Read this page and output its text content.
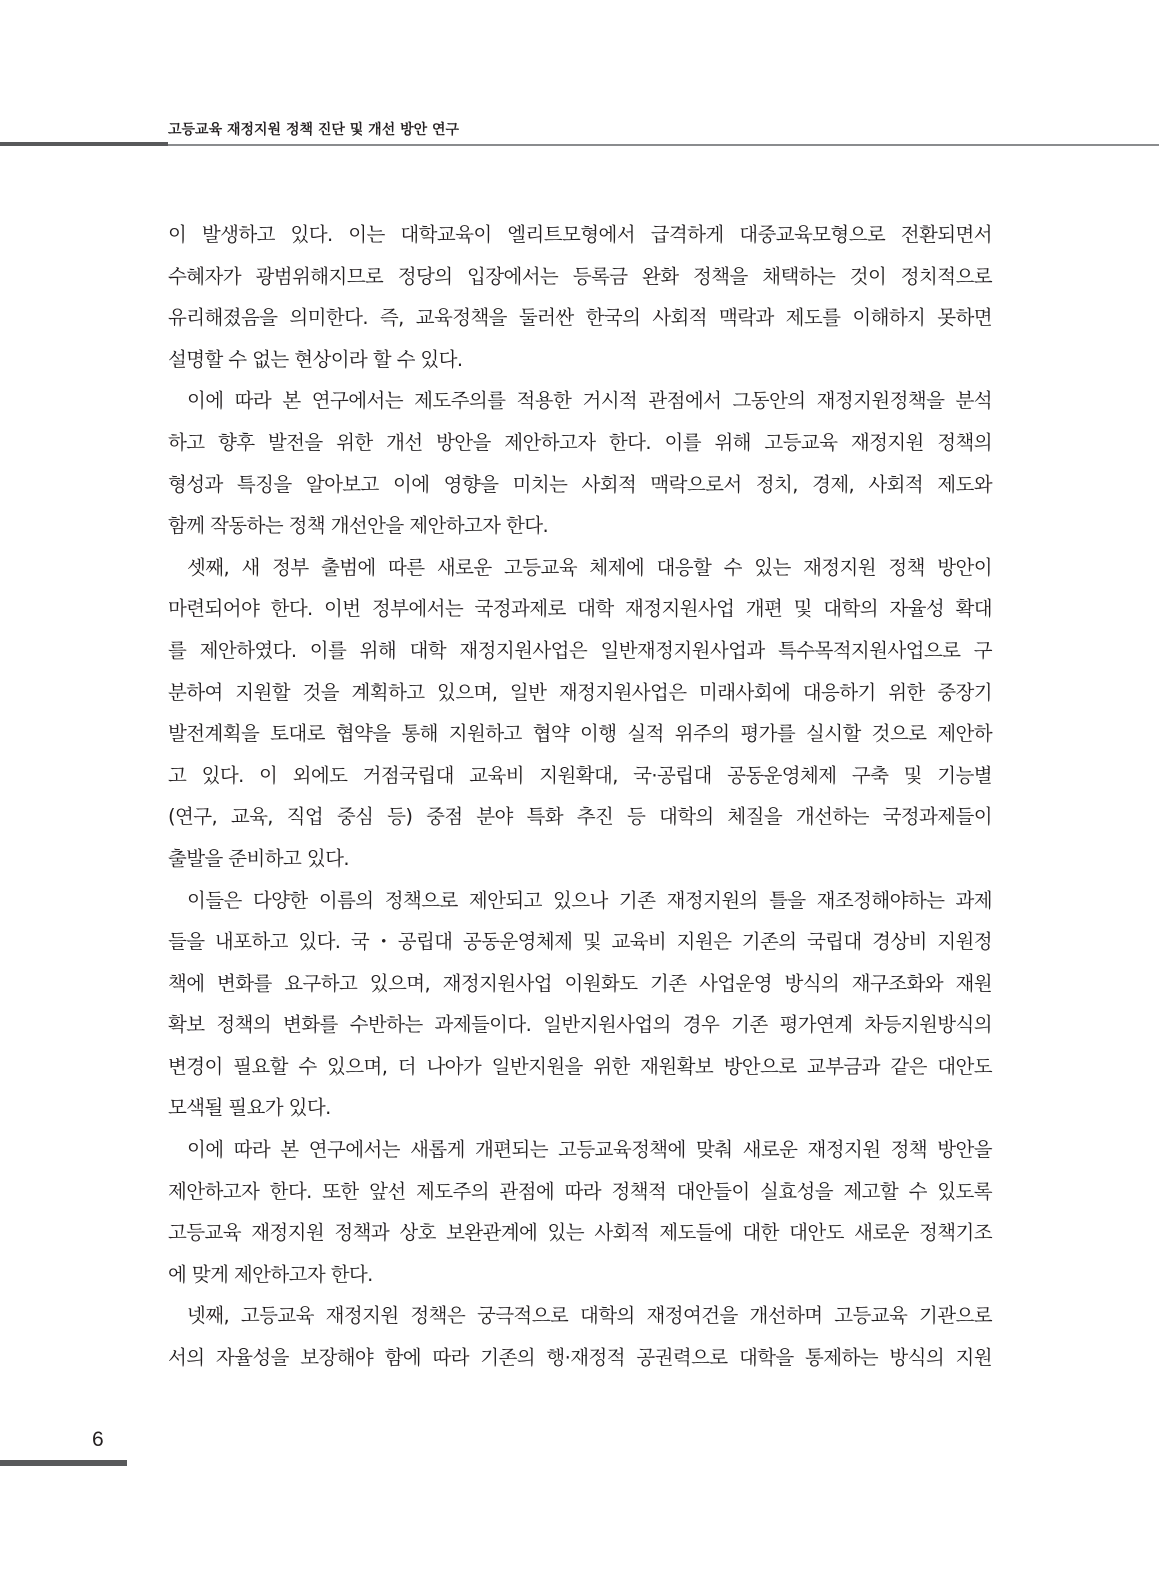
고등교육 재정지원 정책 진단 및 개선 방안 연구

이 발생하고 있다. 이는 대학교육이 엘리트모형에서 급격하게 대중교육모형으로 전환되면서
수혜자가 광범위해지므로 정당의 입장에서는 등록금 완화 정책을 채택하는 것이 정치적으로
유리해졌음을 의미한다. 즉, 교육정책을 둘러싼 한국의 사회적 맥락과 제도를 이해하지 못하면
설명할 수 없는 현상이라 할 수 있다.

이에 따라 본 연구에서는 제도주의를 적용한 거시적 관점에서 그동안의 재정지원정책을 분석
하고 향후 발전을 위한 개선 방안을 제안하고자 한다. 이를 위해 고등교육 재정지원 정책의
형성과 특징을 알아보고 이에 영향을 미치는 사회적 맥락으로서 정치, 경제, 사회적 제도와
함께 작동하는 정책 개선안을 제안하고자 한다.

셋째, 새 정부 출범에 따른 새로운 고등교육 체제에 대응할 수 있는 재정지원 정책 방안이
마련되어야 한다. 이번 정부에서는 국정과제로 대학 재정지원사업 개편 및 대학의 자율성 확대
를 제안하였다. 이를 위해 대학 재정지원사업은 일반재정지원사업과 특수목적지원사업으로 구
분하여 지원할 것을 계획하고 있으며, 일반 재정지원사업은 미래사회에 대응하기 위한 중장기
발전계획을 토대로 협약을 통해 지원하고 협약 이행 실적 위주의 평가를 실시할 것으로 제안하
고 있다. 이 외에도 거점국립대 교육비 지원확대, 국·공립대 공동운영체제 구축 및 기능별
(연구, 교육, 직업 중심 등) 중점 분야 특화 추진 등 대학의 체질을 개선하는 국정과제들이
출발을 준비하고 있다.

이들은 다양한 이름의 정책으로 제안되고 있으나 기존 재정지원의 틀을 재조정해야하는 과제
들을 내포하고 있다. 국・공립대 공동운영체제 및 교육비 지원은 기존의 국립대 경상비 지원정
책에 변화를 요구하고 있으며, 재정지원사업 이원화도 기존 사업운영 방식의 재구조화와 재원
확보 정책의 변화를 수반하는 과제들이다. 일반지원사업의 경우 기존 평가연계 차등지원방식의
변경이 필요할 수 있으며, 더 나아가 일반지원을 위한 재원확보 방안으로 교부금과 같은 대안도
모색될 필요가 있다.

이에 따라 본 연구에서는 새롭게 개편되는 고등교육정책에 맞춰 새로운 재정지원 정책 방안을
제안하고자 한다. 또한 앞선 제도주의 관점에 따라 정책적 대안들이 실효성을 제고할 수 있도록
고등교육 재정지원 정책과 상호 보완관계에 있는 사회적 제도들에 대한 대안도 새로운 정책기조
에 맞게 제안하고자 한다.

넷째, 고등교육 재정지원 정책은 궁극적으로 대학의 재정여건을 개선하며 고등교육 기관으로
서의 자율성을 보장해야 함에 따라 기존의 행·재정적 공권력으로 대학을 통제하는 방식의 지원

6
